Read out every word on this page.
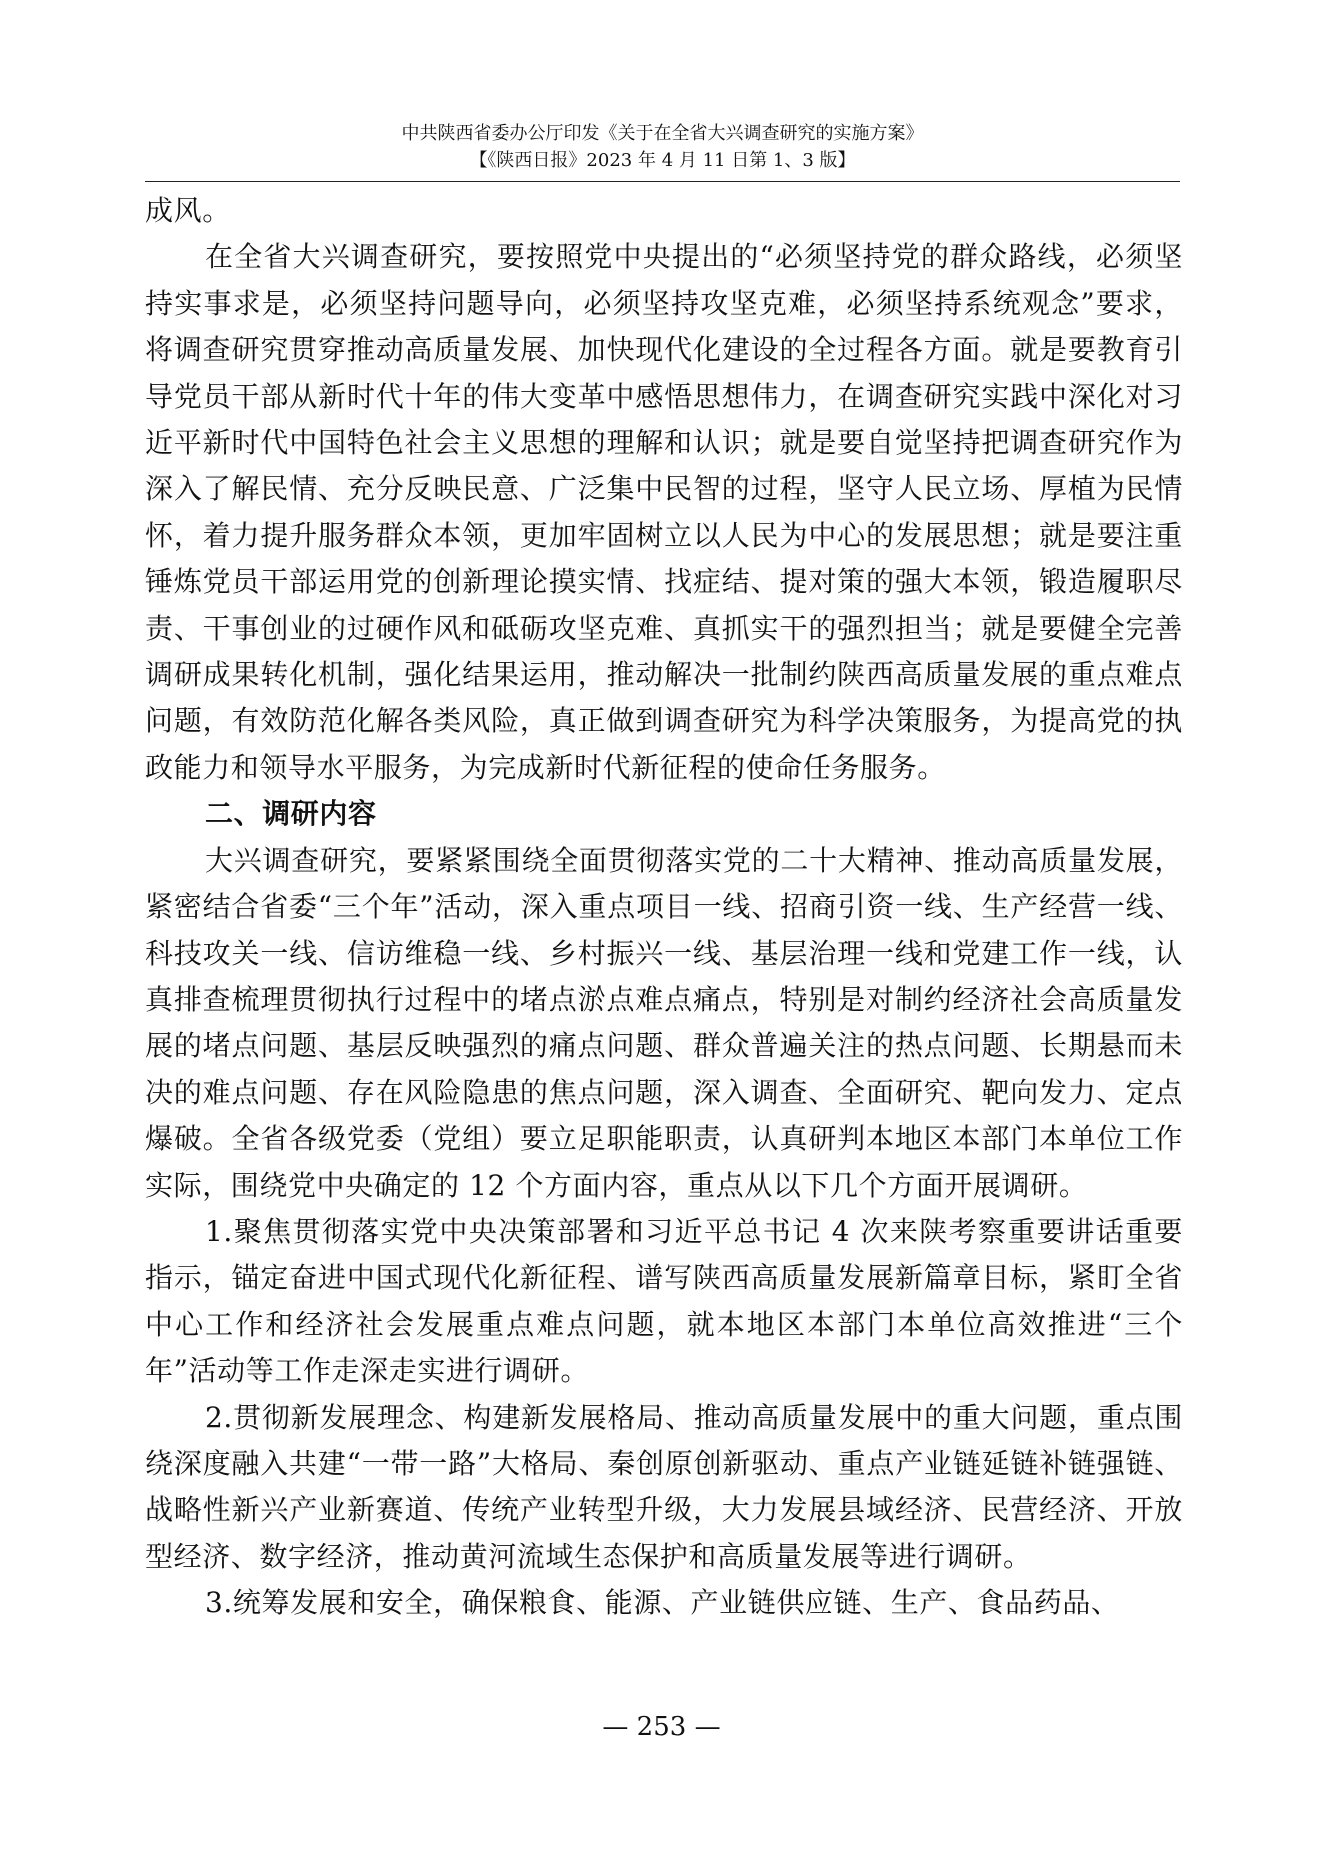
中共陕西省委办公厅印发《关于在全省大兴调查研究的实施方案》
【《陕西日报》2023 年 4 月 11 日第 1、3 版】

成风。

在全省大兴调查研究，要按照党中央提出的“必须坚持党的群众路线，必须坚持实事求是，必须坚持问题导向，必须坚持攻坚克难，必须坚持系统观念”要求，将调查研究贯穿推动高质量发展、加快现代化建设的全过程各方面。就是要教育引导党员干部从新时代十年的伟大变革中感悟思想伟力，在调查研究实践中深化对习近平新时代中国特色社会主义思想的理解和认识；就是要自觉坚持把调查研究作为深入了解民情、充分反映民意、广泛集中民智的过程，坚守人民立场、厚植为民情怀，着力提升服务群众本领，更加牢固树立以人民为中心的发展思想；就是要注重锤炼党员干部运用党的创新理论摸实情、找症结、提对策的强大本领，锻造履职尽责、干事创业的过硬作风和砥砺攻坚克难、真抓实干的强烈担当；就是要健全完善调研成果转化机制，强化结果运用，推动解决一批制约陕西高质量发展的重点难点问题，有效防范化解各类风险，真正做到调查研究为科学决策服务，为提高党的执政能力和领导水平服务，为完成新时代新征程的使命任务服务。

二、调研内容

大兴调查研究，要紧紧围绕全面贯彻落实党的二十大精神、推动高质量发展，紧密结合省委“三个年”活动，深入重点项目一线、招商引资一线、生产经营一线、科技攻关一线、信访维稳一线、乡村振兴一线、基层治理一线和党建工作一线，认真排查梳理贯彻执行过程中的堵点淤点难点痛点，特别是对制约经济社会高质量发展的堵点问题、基层反映强烈的痛点问题、群众普遍关注的热点问题、长期悬而未决的难点问题、存在风险隐患的焦点问题，深入调查、全面研究、靶向发力、定点爆破。全省各级党委（党组）要立足职能职责，认真研判本地区本部门本单位工作实际，围绕党中央确定的 12 个方面内容，重点从以下几个方面开展调研。

1.聚焦贯彻落实党中央决策部署和习近平总书记 4 次来陕考察重要讲话重要指示，锚定奋进中国式现代化新征程、谱写陕西高质量发展新篇章目标，紧盯全省中心工作和经济社会发展重点难点问题，就本地区本部门本单位高效推进“三个年”活动等工作走深走实进行调研。

2.贯彻新发展理念、构建新发展格局、推动高质量发展中的重大问题，重点围绕深度融入共建“一带一路”大格局、秦创原创新驱动、重点产业链延链补链强链、战略性新兴产业新赛道、传统产业转型升级，大力发展县域经济、民营经济、开放型经济、数字经济，推动黄河流域生态保护和高质量发展等进行调研。

3.统筹发展和安全，确保粮食、能源、产业链供应链、生产、食品药品、

— 253 —
